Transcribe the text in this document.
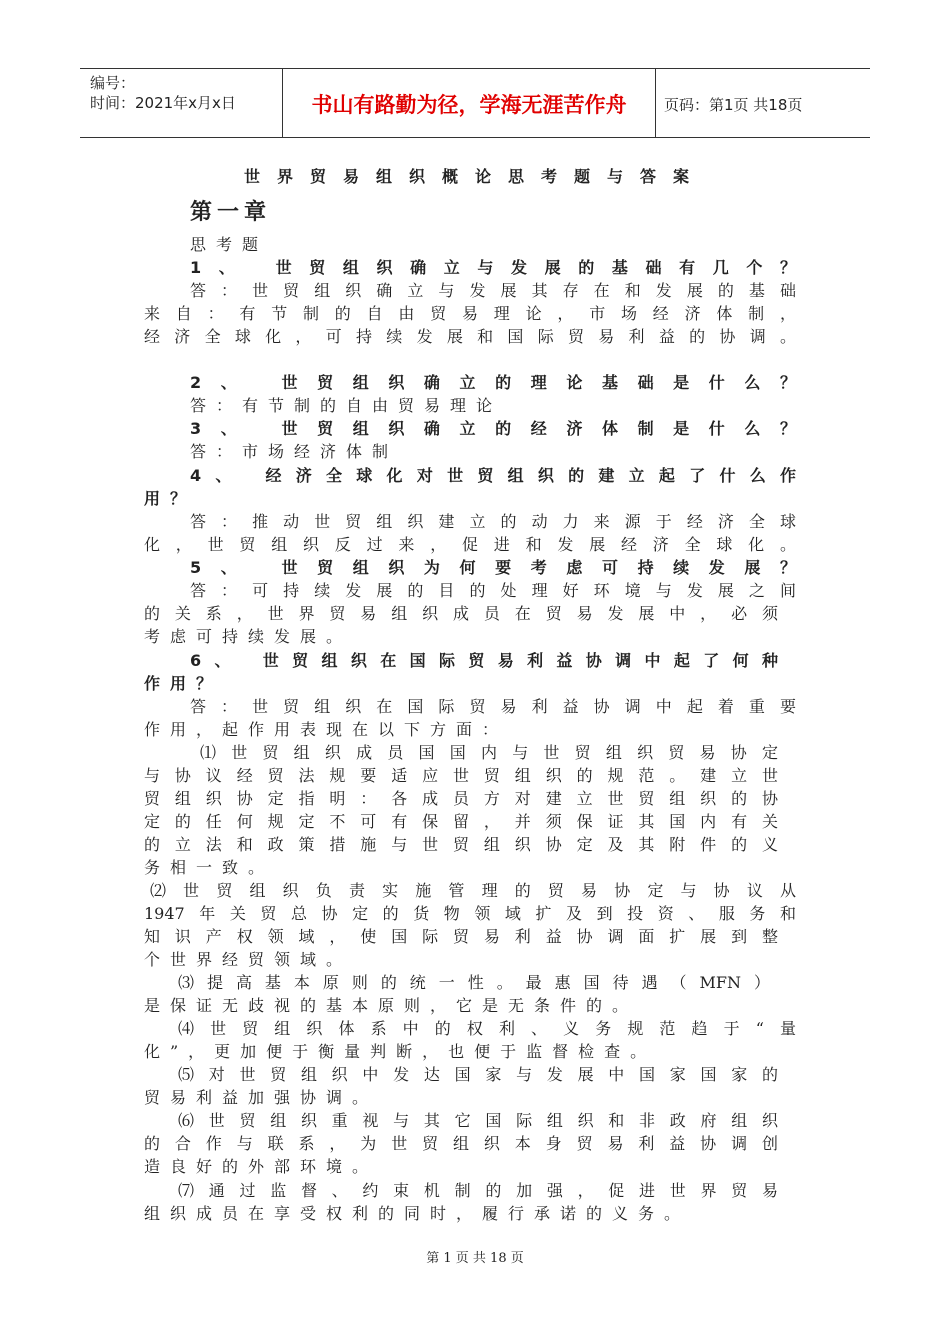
编号：
时间：2021年x月x日	书山有路勤为径，学海无涯苦作舟	页码：第1页 共18页
世界贸易组织概论思考题与答案
第一章
思考题
1、 世贸组织确立与发展的基础有几个？
答：世贸组织确立与发展其存在和发展的基础
来自：有节制的自由贸易理论，市场经济体制，
经济全球化，可持续发展和国际贸易利益的协调。
2、 世贸组织确立的理论基础是什么？
答：有节制的自由贸易理论
3、 世贸组织确立的经济体制是什么？
答：市场经济体制
4、 经济全球化对世贸组织的建立起了什么作
用？
答：推动世贸组织建立的动力来源于经济全球
化，世贸组织反过来，促进和发展经济全球化。
5、 世贸组织为何要考虑可持续发展？
答：可持续发展的目的处理好环境与发展之间
的关系，世界贸易组织成员在贸易发展中，必须
考虑可持续发展。
6、 世贸组织在国际贸易利益协调中起了何种
作用？
答：世贸组织在国际贸易利益协调中起着重要
作用，起作用表现在以下方面：
⑴世贸组织成员国国内与世贸组织贸易协定
与协议经贸法规要适应世贸组织的规范。建立世
贸组织协定指明：各成员方对建立世贸组织的协
定的任何规定不可有保留，并须保证其国内有关
的立法和政策措施与世贸组织协定及其附件的义
务相一致。
⑵世贸组织负责实施管理的贸易协定与协议从
1947年关贸总协定的货物领域扩及到投资、服务和
知识产权领域，使国际贸易利益协调面扩展到整
个世界经贸领域。
⑶提高基本原则的统一性。最惠国待遇（MFN）
是保证无歧视的基本原则，它是无条件的。
⑷世贸组织体系中的权利、义务规范趋于“量
化”，更加便于衡量判断，也便于监督检查。
⑸对世贸组织中发达国家与发展中国家国家的
贸易利益加强协调。
⑹世贸组织重视与其它国际组织和非政府组织
的合作与联系，为世贸组织本身贸易利益协调创
造良好的外部环境。
⑺通过监督、约束机制的加强，促进世界贸易
组织成员在享受权利的同时，履行承诺的义务。
第 1 页 共 18 页
